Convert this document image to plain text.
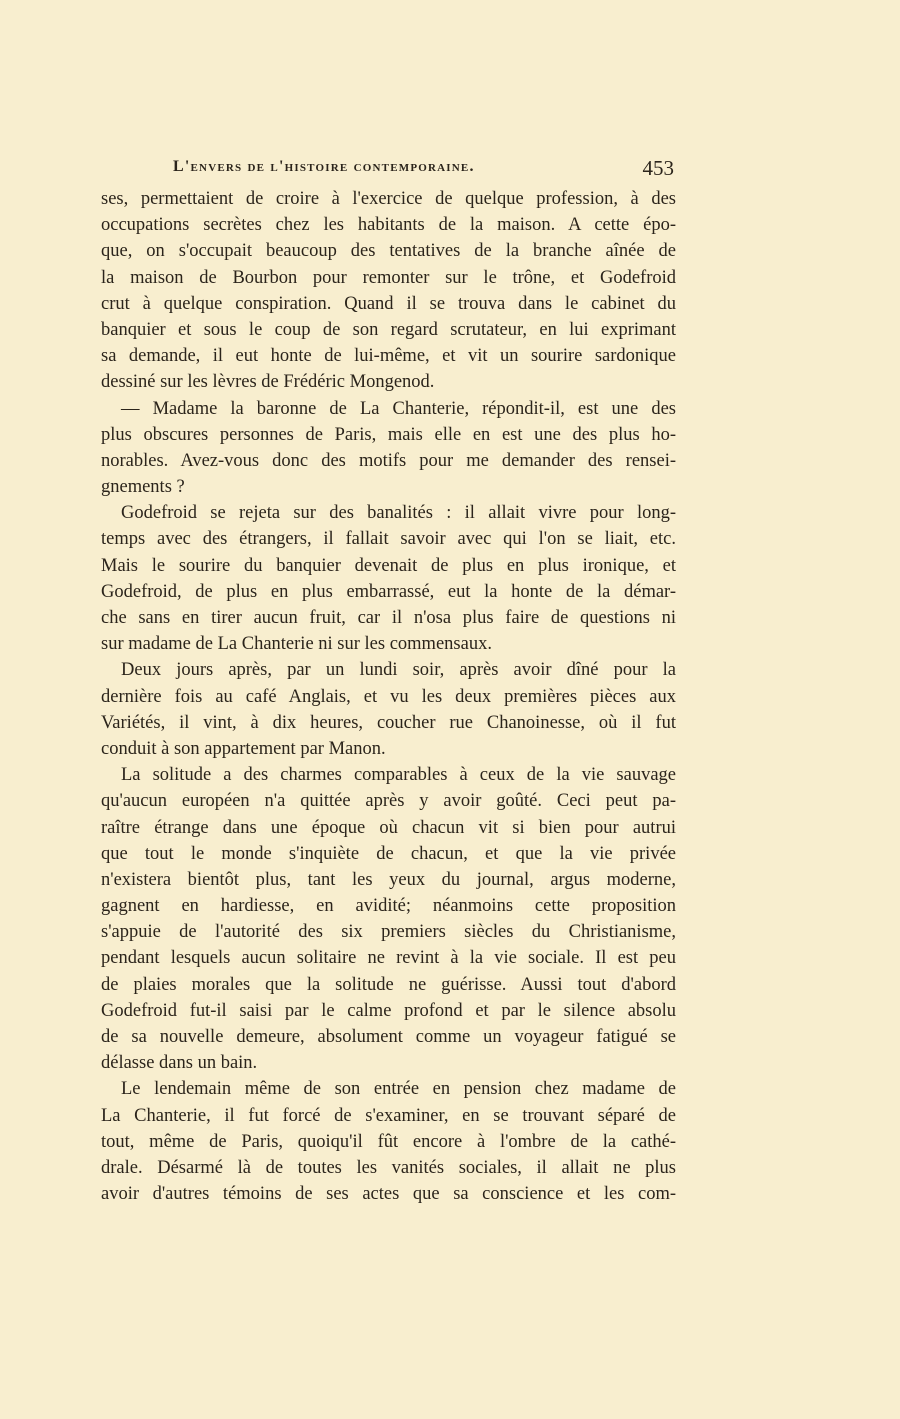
L'envers de l'histoire contemporaine.	453
ses, permettaient de croire à l'exercice de quelque profession, à des
occupations secrètes chez les habitants de la maison. A cette épo-
que, on s'occupait beaucoup des tentatives de la branche aînée de
la maison de Bourbon pour remonter sur le trône, et Godefroid
crut à quelque conspiration. Quand il se trouva dans le cabinet du
banquier et sous le coup de son regard scrutateur, en lui exprimant
sa demande, il eut honte de lui-même, et vit un sourire sardonique
dessiné sur les lèvres de Frédéric Mongenod.
— Madame la baronne de La Chanterie, répondit-il, est une des
plus obscures personnes de Paris, mais elle en est une des plus ho-
norables. Avez-vous donc des motifs pour me demander des rensei-
gnements ?
Godefroid se rejeta sur des banalités : il allait vivre pour long-
temps avec des étrangers, il fallait savoir avec qui l'on se liait, etc.
Mais le sourire du banquier devenait de plus en plus ironique, et
Godefroid, de plus en plus embarrassé, eut la honte de la démar-
che sans en tirer aucun fruit, car il n'osa plus faire de questions ni
sur madame de La Chanterie ni sur les commensaux.
Deux jours après, par un lundi soir, après avoir dîné pour la
dernière fois au café Anglais, et vu les deux premières pièces aux
Variétés, il vint, à dix heures, coucher rue Chanoinesse, où il fut
conduit à son appartement par Manon.
La solitude a des charmes comparables à ceux de la vie sauvage
qu'aucun européen n'a quittée après y avoir goûté. Ceci peut pa-
raître étrange dans une époque où chacun vit si bien pour autrui
que tout le monde s'inquiète de chacun, et que la vie privée
n'existera bientôt plus, tant les yeux du journal, argus moderne,
gagnent en hardiesse, en avidité; néanmoins cette proposition
s'appuie de l'autorité des six premiers siècles du Christianisme,
pendant lesquels aucun solitaire ne revint à la vie sociale. Il est peu
de plaies morales que la solitude ne guérisse. Aussi tout d'abord
Godefroid fut-il saisi par le calme profond et par le silence absolu
de sa nouvelle demeure, absolument comme un voyageur fatigué se
délasse dans un bain.
Le lendemain même de son entrée en pension chez madame de
La Chanterie, il fut forcé de s'examiner, en se trouvant séparé de
tout, même de Paris, quoiqu'il fût encore à l'ombre de la cathé-
drale. Désarmé là de toutes les vanités sociales, il allait ne plus
avoir d'autres témoins de ses actes que sa conscience et les com-
